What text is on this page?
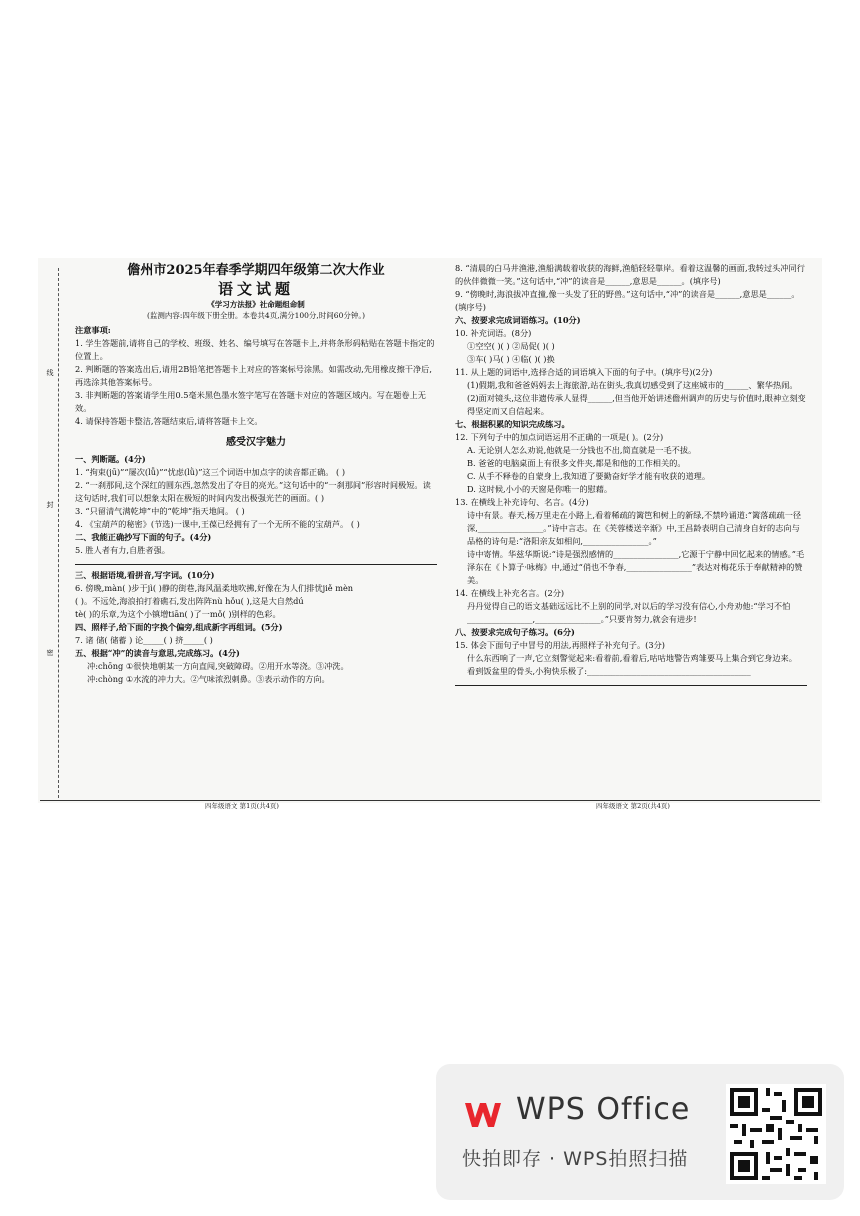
线
封
密
儋州市2025年春季学期四年级第二次大作业
语文试题
《学习方法报》社命题组命制
(监测内容:四年级下册全册。本卷共4页,满分100分,时间60分钟。)
注意事项:
1. 学生答题前,请将自己的学校、班级、姓名、编号填写在答题卡上,并将条形码粘贴在答题卡指定的位置上。
2. 判断题的答案选出后,请用2B铅笔把答题卡上对应的答案标号涂黑。如需改动,先用橡皮擦干净后,再选涂其他答案标号。
3. 非判断题的答案请学生用0.5毫米黑色墨水签字笔写在答题卡对应的答题区域内。写在题卷上无效。
4. 请保持答题卡整洁,答题结束后,请将答题卡上交。
感受汉字魅力
一、判断题。(4分)
1. “拘束(jū)”“屡次(lǚ)”“忧虑(lǜ)”这三个词语中加点字的读音都正确。 ( )
2. “一刹那间,这个深红的圆东西,忽然发出了夺目的亮光。”这句话中的“一刹那间”形容时间极短。读这句话时,我们可以想象太阳在极短的时间内发出极强光芒的画面。( )
3. “只留清气满乾坤”中的“乾坤”指天地间。 ( )
4. 《宝葫芦的秘密》(节选)一课中,王葆已经拥有了一个无所不能的宝葫芦。 ( )
二、我能正确抄写下面的句子。(4分)
5. 胜人者有力,自胜者强。
三、根据语境,看拼音,写字词。(10分)
6. 傍晚,màn( )步于jì( )静的街巷,海风温柔地吹拂,好像在为人们排忧jiě mèn
( )。不远处,海浪拍打着礁石,发出阵阵nù hǒu( ),这是大自然dú
tè( )的乐章,为这个小镇增tiān( )了一mǒ( )别样的色彩。
四、照样子,给下面的字换个偏旁,组成新字再组词。(5分)
7. 诸 储( 储蓄 ) 论_____( ) 挤_____( )
五、根据“冲”的读音与意思,完成练习。(4分)
冲:chōng ①很快地朝某一方向直闯,突破障碍。②用开水等浇。③冲洗。
冲:chòng ①水流的冲力大。②气味浓烈刺鼻。③表示动作的方向。
8. “清晨的白马井渔港,渔船满载着收获的海鲜,渔船轻轻靠岸。看着这温馨的画面,我转过头冲同行的伙伴微微一笑。”这句话中,“冲”的读音是______,意思是______。(填序号)
9. “傍晚时,海浪拔冲直撞,像一头发了狂的野兽。”这句话中,“冲”的读音是______,意思是______。(填序号)
六、按要求完成词语练习。(10分)
10. 补充词语。(8分)
①空空( )( ) ②局促( )( )
③车( )马( ) ④临( )( )换
11. 从上题的词语中,选择合适的词语填入下面的句子中。(填序号)(2分)
(1)假期,我和爸爸妈妈去上海旅游,站在街头,我真切感受到了这座城市的______、繁华热闹。
(2)面对镜头,这位非遗传承人显得______,但当他开始讲述儋州调声的历史与价值时,眼神立刻变得坚定而又自信起来。
七、根据积累的知识完成练习。
12. 下列句子中的加点词语运用不正确的一项是( )。(2分)
A. 无论别人怎么劝说,他就是一分钱也不出,简直就是一毛不拔。
B. 爸爸的电脑桌面上有很多文件夹,都是和他的工作相关的。
C. 从手不释卷的自蒙身上,我知道了要勤奋好学才能有收获的道理。
D. 这时候,小小的天窗是你唯一的慰藉。
13. 在横线上补充诗句、名言。(4分)
诗中有景。春天,杨万里走在小路上,看着稀疏的篱笆和树上的新绿,不禁吟诵道:“篱落疏疏一径深,________________。”诗中言志。在《芙蓉楼送辛渐》中,王昌龄表明自己清身自好的志向与品格的诗句是:“洛阳亲友如相问,________________。”
诗中寄情。华兹华斯说:“诗是强烈感情的________________,它源于宁静中回忆起来的情感。”毛泽东在《卜算子·咏梅》中,通过“俏也不争春,________________”表达对梅花乐于奉献精神的赞美。
14. 在横线上补充名言。(2分)
丹丹觉得自己的语文基础远远比不上别的同学,对以后的学习没有信心,小舟劝他:“学习不怕________________,________________。”只要肯努力,就会有进步!
八、按要求完成句子练习。(6分)
15. 体会下面句子中冒号的用法,再照样子补充句子。(3分)
什么东西响了一声,它立刻警觉起来:看着前,看着后,咕咕地警告鸡雏要马上集合到它身边来。
看到饭盆里的骨头,小狗快乐极了:________________________________________
四年级语文 第1页(共4页)	四年级语文 第2页(共4页)
WPS Office
快拍即存 · WPS拍照扫描
